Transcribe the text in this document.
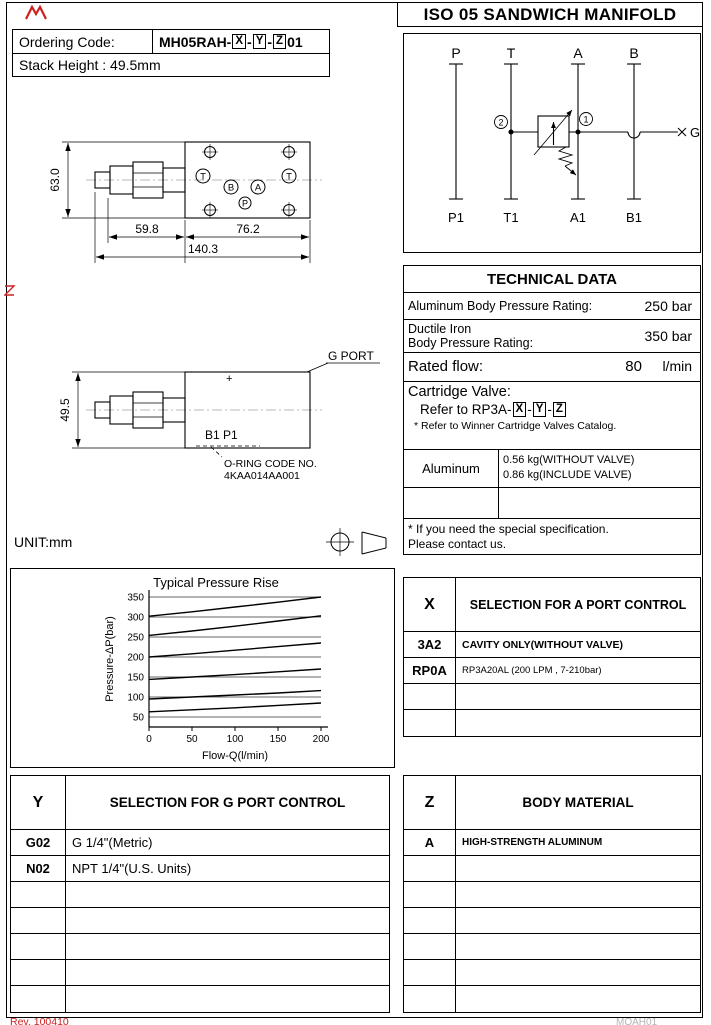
ISO 05 SANDWICH MANIFOLD
Ordering Code:	MH05RAH- X - Y - Z 01
Stack Height : 49.5mm
T
B A
T
P
63.0
59.8	76.2
140.3
+
G PORT
B1 P1
O-RING CODE NO.
4KAA014AA001
49.5
UNIT:mm
P	T	A	B
P1	T1	A1	B1
2	1
G
TECHNICAL DATA
Aluminum Body Pressure Rating:	250 bar
Ductile Iron
Body Pressure Rating:	350 bar
Rated flow:	80 l/min
Cartridge Valve:
Refer to RP3A- X - Y - Z
* Refer to Winner Cartridge Valves Catalog.
Aluminum
0.56 kg(WITHOUT VALVE)
0.86 kg(INCLUDE VALVE)
* If you need the special specification.
Please contact us.
Typical Pressure Rise
Pressure-ΔP(bar)
Flow-Q(l/min)
50
100
150
200
250
300
350
0	50	100	150	200
X	SELECTION FOR A PORT CONTROL
3A2	CAVITY ONLY(WITHOUT VALVE)
RP0A	RP3A20AL (200 LPM , 7-210bar)
Y	SELECTION FOR G PORT CONTROL
G02	G 1/4"(Metric)
N02	NPT 1/4"(U.S. Units)
Z	BODY MATERIAL
A	HIGH-STRENGTH ALUMINUM
Rev. 100410	MOAH01
